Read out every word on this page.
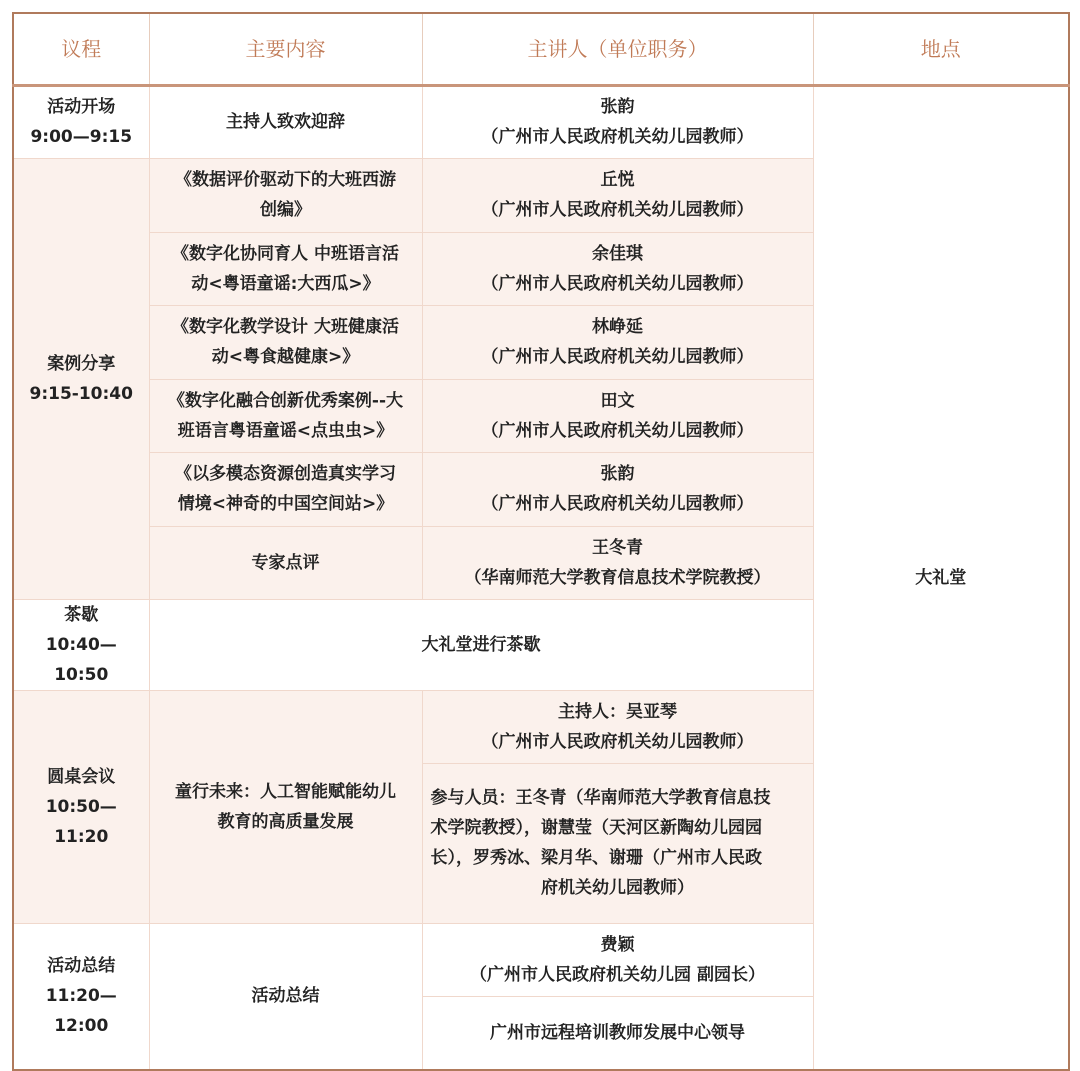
议程	主要内容	主讲人（单位职务）	地点

活动开场
9:00—9:15	主持人致欢迎辞	张韵
（广州市人民政府机关幼儿园教师）	大礼堂

案例分享
9:15-10:40	《数据评价驱动下的大班西游
创编》	丘悦
（广州市人民政府机关幼儿园教师）	

	《数字化协同育人 中班语言活
动<粤语童谣:大西瓜>》	余佳琪
（广州市人民政府机关幼儿园教师）	

	《数字化教学设计 大班健康活
动<粤食越健康>》	林峥延
（广州市人民政府机关幼儿园教师）	

	《数字化融合创新优秀案例--大
班语言粤语童谣<点虫虫>》	田文
（广州市人民政府机关幼儿园教师）	

	《以多模态资源创造真实学习
情境<神奇的中国空间站>》	张韵
（广州市人民政府机关幼儿园教师）	

	专家点评	王冬青
（华南师范大学教育信息技术学院教授）	

茶歇
10:40—10:50	大礼堂进行茶歇		

圆桌会议
10:50—11:20	童行未来：人工智能赋能幼儿
教育的高质量发展	主持人：吴亚琴
（广州市人民政府机关幼儿园教师）	

		参与人员：王冬青（华南师范大学教育信息技
术学院教授），谢慧莹（天河区新陶幼儿园园
长），罗秀冰、梁月华、谢珊（广州市人民政
府机关幼儿园教师）	

活动总结
11:20—12:00	活动总结	费颖
（广州市人民政府机关幼儿园 副园长）	

		广州市远程培训教师发展中心领导	
